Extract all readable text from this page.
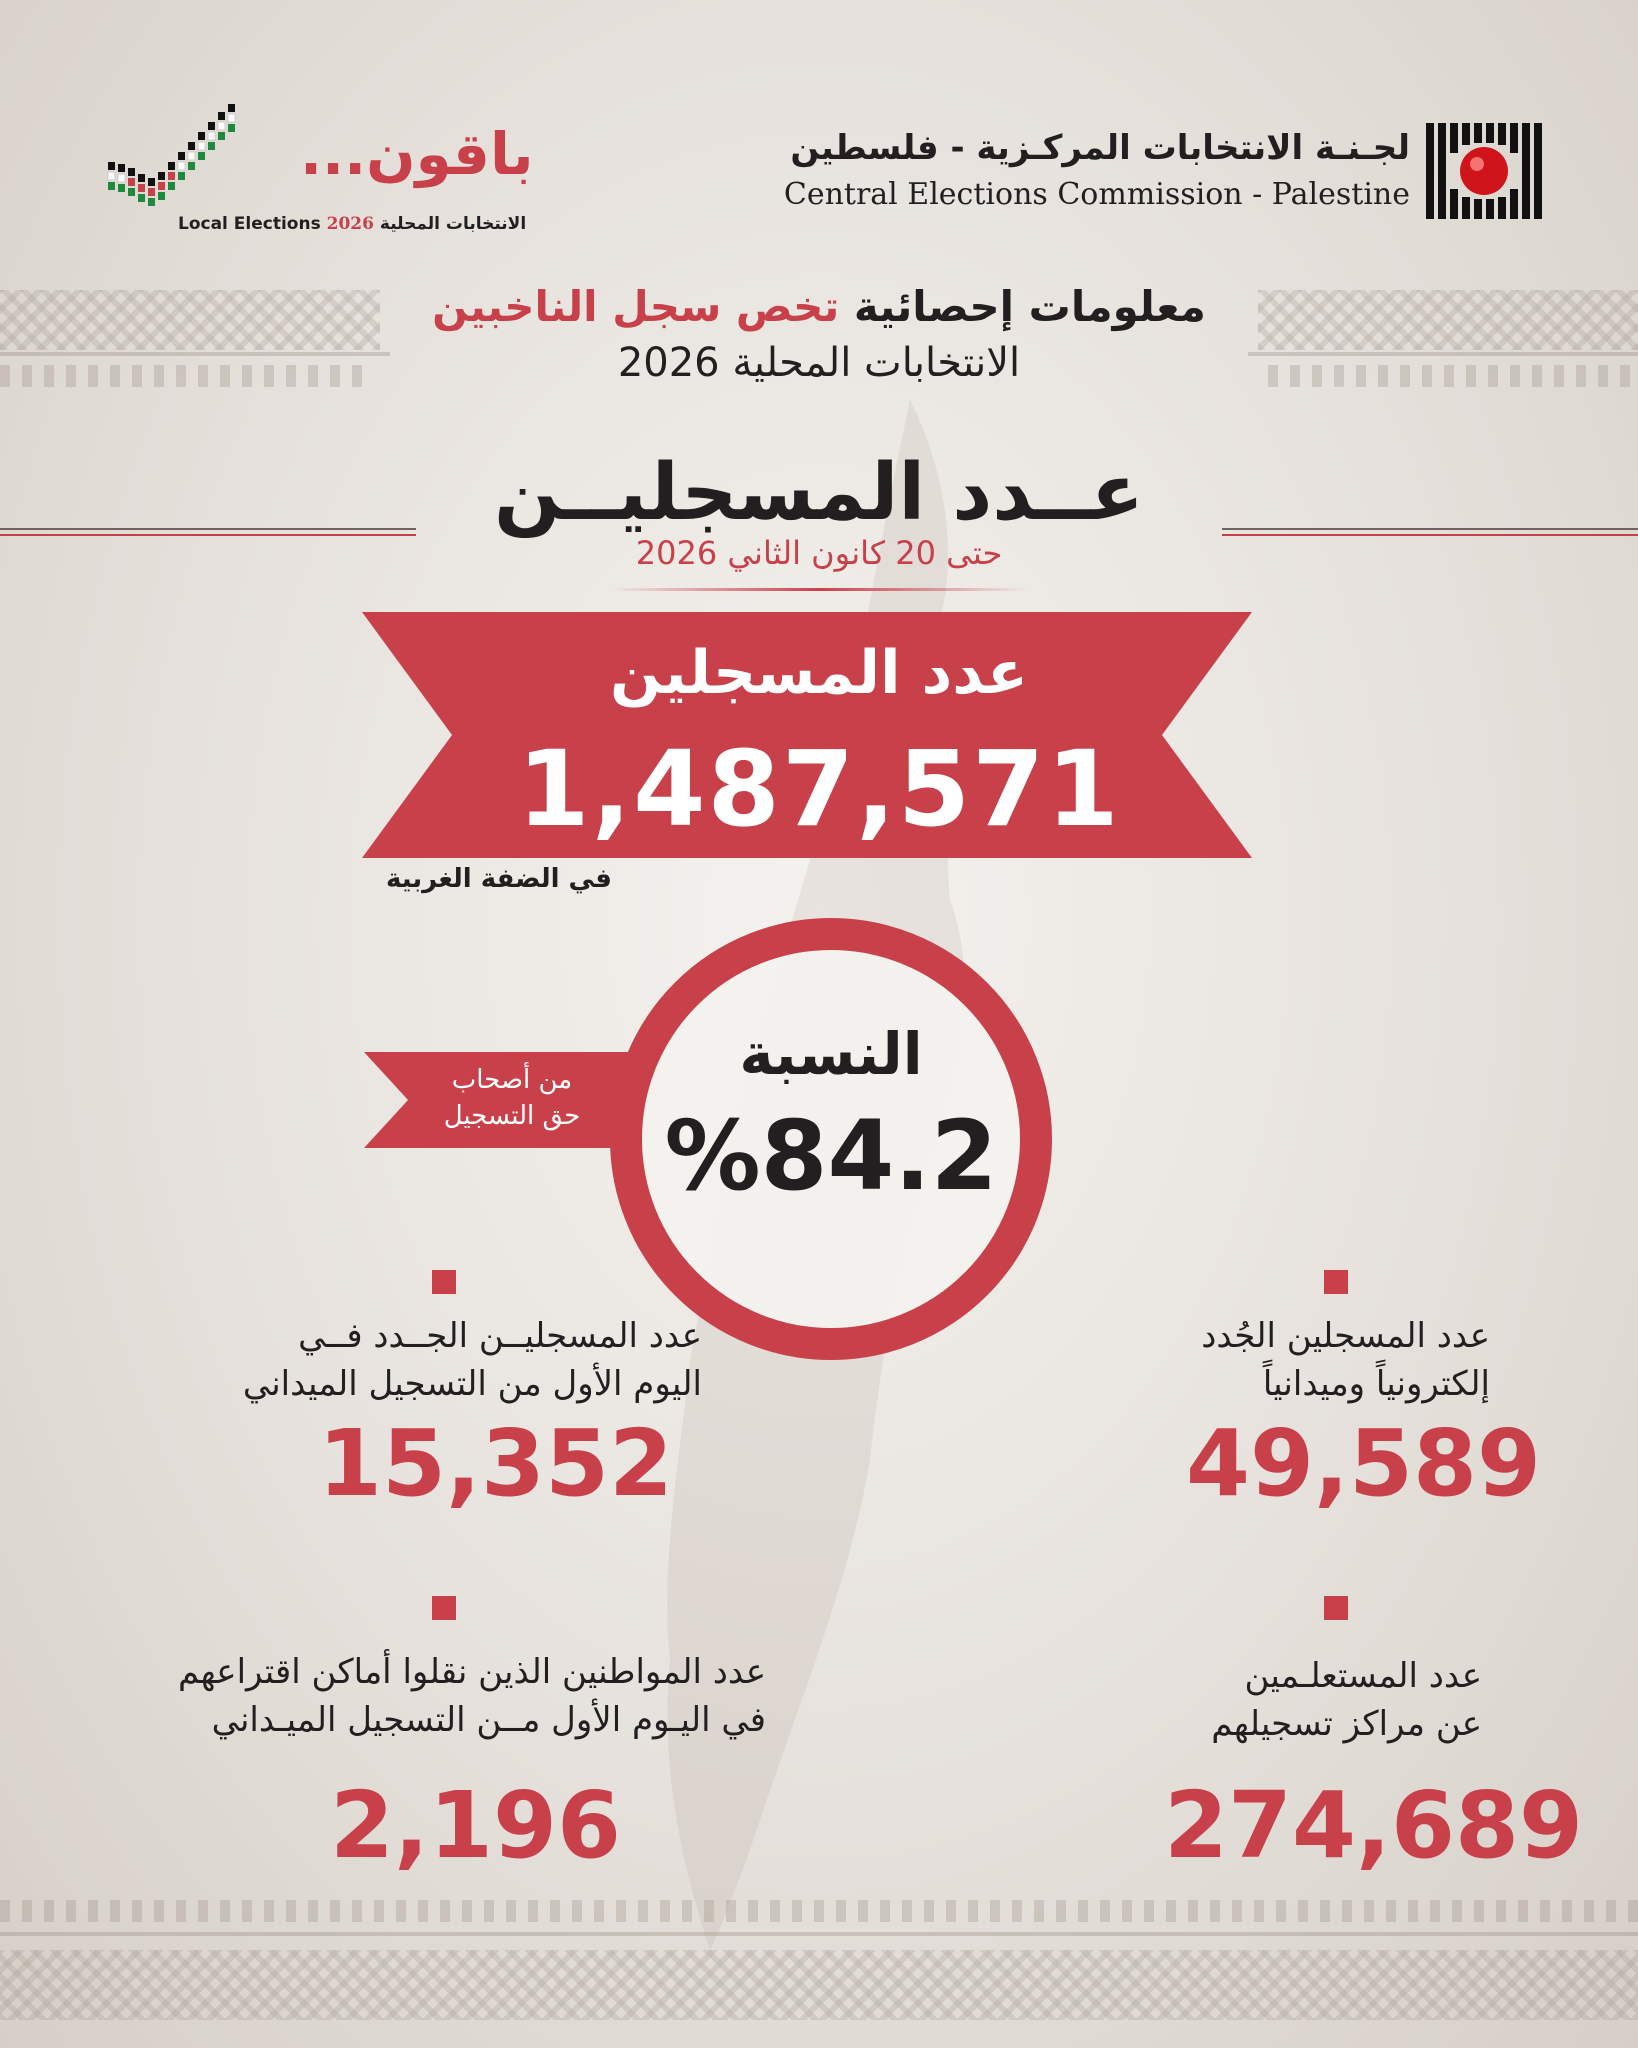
لجـنـة الانتخابات المركـزية - فلسطين
Central Elections Commission - Palestine
باقون...
Local Elections 2026 الانتخابات المحلية
معلومات إحصائية تخص سجل الناخبين
الانتخابات المحلية 2026
عــدد المسجليــن
حتى 20 كانون الثاني 2026
عدد المسجلين
1,487,571
في الضفة الغربية
من أصحاب
حق التسجيل
النسبة
%84.2
عدد المسجليــن الجــدد فــي
اليوم الأول من التسجيل الميداني
15,352
عدد المسجلين الجُدد
إلكترونياً وميدانياً
49,589
عدد المواطنين الذين نقلوا أماكن اقتراعهم
في اليـوم الأول مــن التسجيل الميـداني
2,196
عدد المستعلـمين
عن مراكز تسجيلهم
274,689
